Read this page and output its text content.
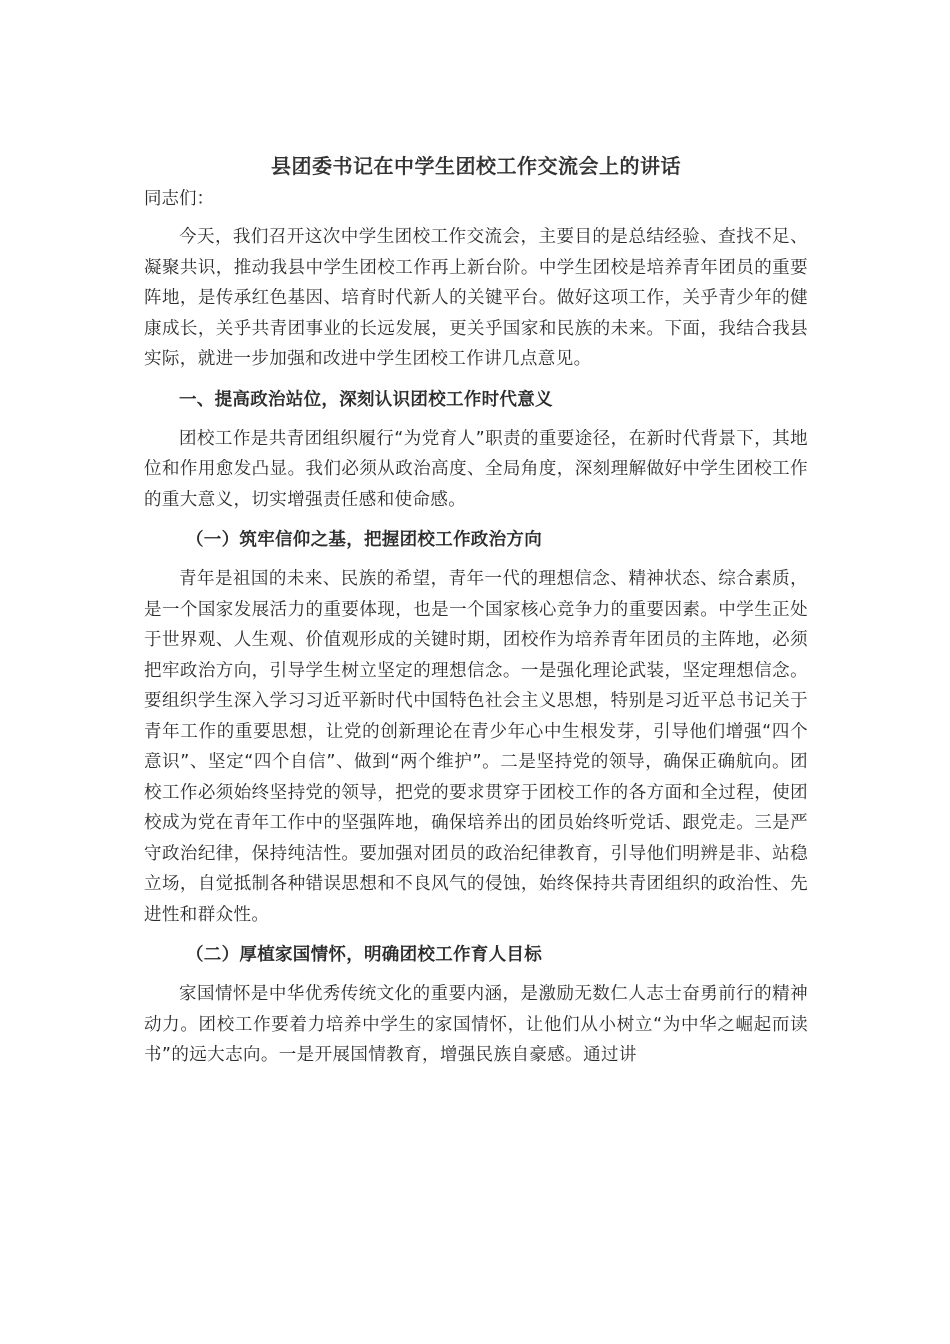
县团委书记在中学生团校工作交流会上的讲话
同志们：

今天，我们召开这次中学生团校工作交流会，主要目的是总结经验、查找不足、凝聚共识，推动我县中学生团校工作再上新台阶。中学生团校是培养青年团员的重要阵地，是传承红色基因、培育时代新人的关键平台。做好这项工作，关乎青少年的健康成长，关乎共青团事业的长远发展，更关乎国家和民族的未来。下面，我结合我县实际，就进一步加强和改进中学生团校工作讲几点意见。

一、提高政治站位，深刻认识团校工作时代意义

团校工作是共青团组织履行“为党育人”职责的重要途径，在新时代背景下，其地位和作用愈发凸显。我们必须从政治高度、全局角度，深刻理解做好中学生团校工作的重大意义，切实增强责任感和使命感。

（一）筑牢信仰之基，把握团校工作政治方向

青年是祖国的未来、民族的希望，青年一代的理想信念、精神状态、综合素质，是一个国家发展活力的重要体现，也是一个国家核心竞争力的重要因素。中学生正处于世界观、人生观、价值观形成的关键时期，团校作为培养青年团员的主阵地，必须把牢政治方向，引导学生树立坚定的理想信念。一是强化理论武装，坚定理想信念。要组织学生深入学习习近平新时代中国特色社会主义思想，特别是习近平总书记关于青年工作的重要思想，让党的创新理论在青少年心中生根发芽，引导他们增强“四个意识”、坚定“四个自信”、做到“两个维护”。二是坚持党的领导，确保正确航向。团校工作必须始终坚持党的领导，把党的要求贯穿于团校工作的各方面和全过程，使团校成为党在青年工作中的坚强阵地，确保培养出的团员始终听党话、跟党走。三是严守政治纪律，保持纯洁性。要加强对团员的政治纪律教育，引导他们明辨是非、站稳立场，自觉抵制各种错误思想和不良风气的侵蚀，始终保持共青团组织的政治性、先进性和群众性。

（二）厚植家国情怀，明确团校工作育人目标

家国情怀是中华优秀传统文化的重要内涵，是激励无数仁人志士奋勇前行的精神动力。团校工作要着力培养中学生的家国情怀，让他们从小树立“为中华之崛起而读书”的远大志向。一是开展国情教育，增强民族自豪感。通过讲
